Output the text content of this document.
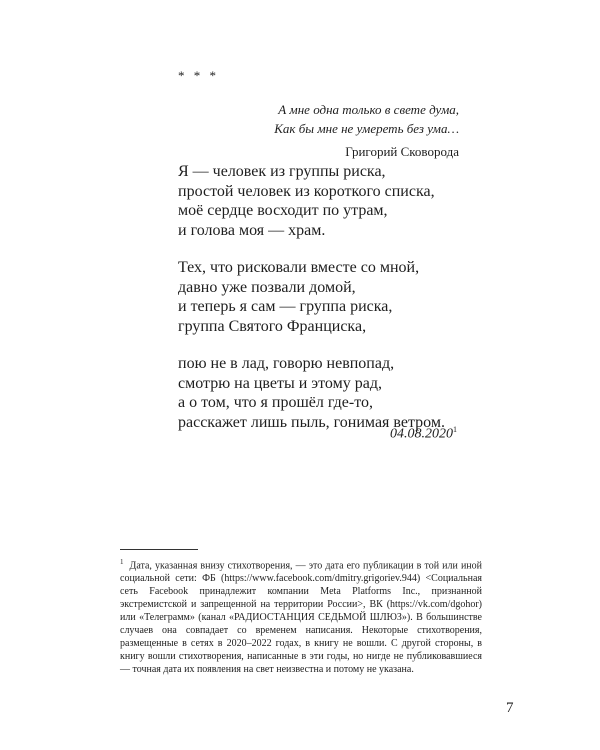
* * *
А мне одна только в свете дума,
Как бы мне не умереть без ума…
Григорий Сковорода
Я — человек из группы риска,
простой человек из короткого списка,
моё сердце восходит по утрам,
и голова моя — храм.
Тех, что рисковали вместе со мной,
давно уже позвали домой,
и теперь я сам — группа риска,
группа Святого Франциска,
пою не в лад, говорю невпопад,
смотрю на цветы и этому рад,
а о том, что я прошёл где-то,
расскажет лишь пыль, гонимая ветром.
04.08.2020$^1$
$^1$ Дата, указанная внизу стихотворения, — это дата его публикации в той или иной социальной сети: ФБ (https://www.facebook.com/dmitry.grigoriev.944) <Социальная сеть Facebook принадлежит компании Meta Platforms Inc., признанной экстремистской и запрещенной на территории России>, ВК (https://vk.com/dgohor) или «Телеграмм» (канал «РАДИОСТАНЦИЯ СЕДЬМОЙ ШЛЮЗ»). В большинстве случаев она совпадает со временем написания. Некоторые стихотворения, размещенные в сетях в 2020–2022 годах, в книгу не вошли. С другой стороны, в книгу вошли стихотворения, написанные в эти годы, но нигде не публиковавшиеся — точная дата их появления на свет неизвестна и потому не указана.
7
